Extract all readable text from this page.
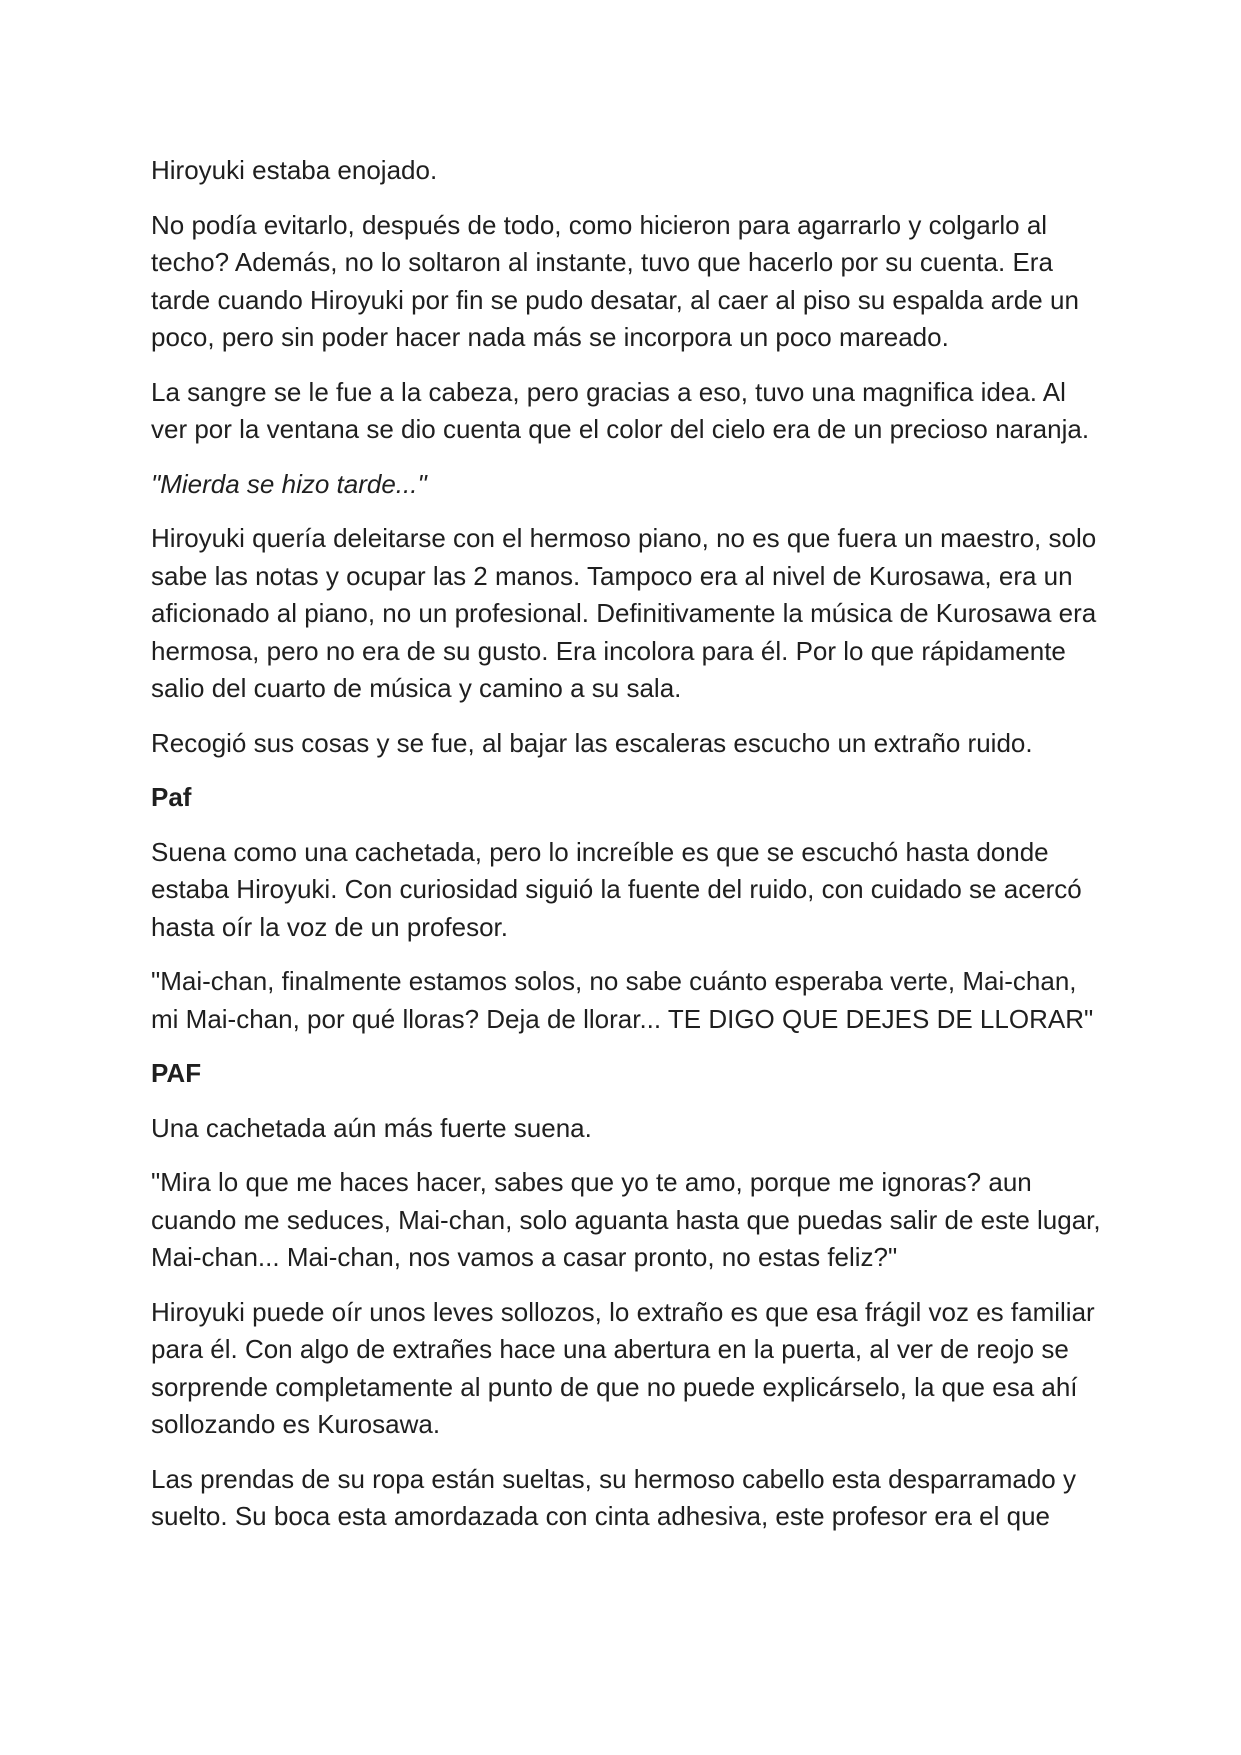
Hiroyuki estaba enojado.

No podía evitarlo, después de todo, como hicieron para agarrarlo y colgarlo al techo? Además, no lo soltaron al instante, tuvo que hacerlo por su cuenta. Era tarde cuando Hiroyuki por fin se pudo desatar, al caer al piso su espalda arde un poco, pero sin poder hacer nada más se incorpora un poco mareado.

La sangre se le fue a la cabeza, pero gracias a eso, tuvo una magnifica idea. Al ver por la ventana se dio cuenta que el color del cielo era de un precioso naranja.

"Mierda se hizo tarde..."

Hiroyuki quería deleitarse con el hermoso piano, no es que fuera un maestro, solo sabe las notas y ocupar las 2 manos. Tampoco era al nivel de Kurosawa, era un aficionado al piano, no un profesional. Definitivamente la música de Kurosawa era hermosa, pero no era de su gusto. Era incolora para él. Por lo que rápidamente salio del cuarto de música y camino a su sala.

Recogió sus cosas y se fue, al bajar las escaleras escucho un extraño ruido.

Paf

Suena como una cachetada, pero lo increíble es que se escuchó hasta donde estaba Hiroyuki. Con curiosidad siguió la fuente del ruido, con cuidado se acercó hasta oír la voz de un profesor.

"Mai-chan, finalmente estamos solos, no sabe cuánto esperaba verte, Mai-chan, mi Mai-chan, por qué lloras? Deja de llorar... TE DIGO QUE DEJES DE LLORAR"

PAF

Una cachetada aún más fuerte suena.

"Mira lo que me haces hacer, sabes que yo te amo, porque me ignoras? aun cuando me seduces, Mai-chan, solo aguanta hasta que puedas salir de este lugar, Mai-chan... Mai-chan, nos vamos a casar pronto, no estas feliz?"

Hiroyuki puede oír unos leves sollozos, lo extraño es que esa frágil voz es familiar para él. Con algo de extrañes hace una abertura en la puerta, al ver de reojo se sorprende completamente al punto de que no puede explicárselo, la que esa ahí sollozando es Kurosawa.

Las prendas de su ropa están sueltas, su hermoso cabello esta desparramado y suelto. Su boca esta amordazada con cinta adhesiva, este profesor era el que
